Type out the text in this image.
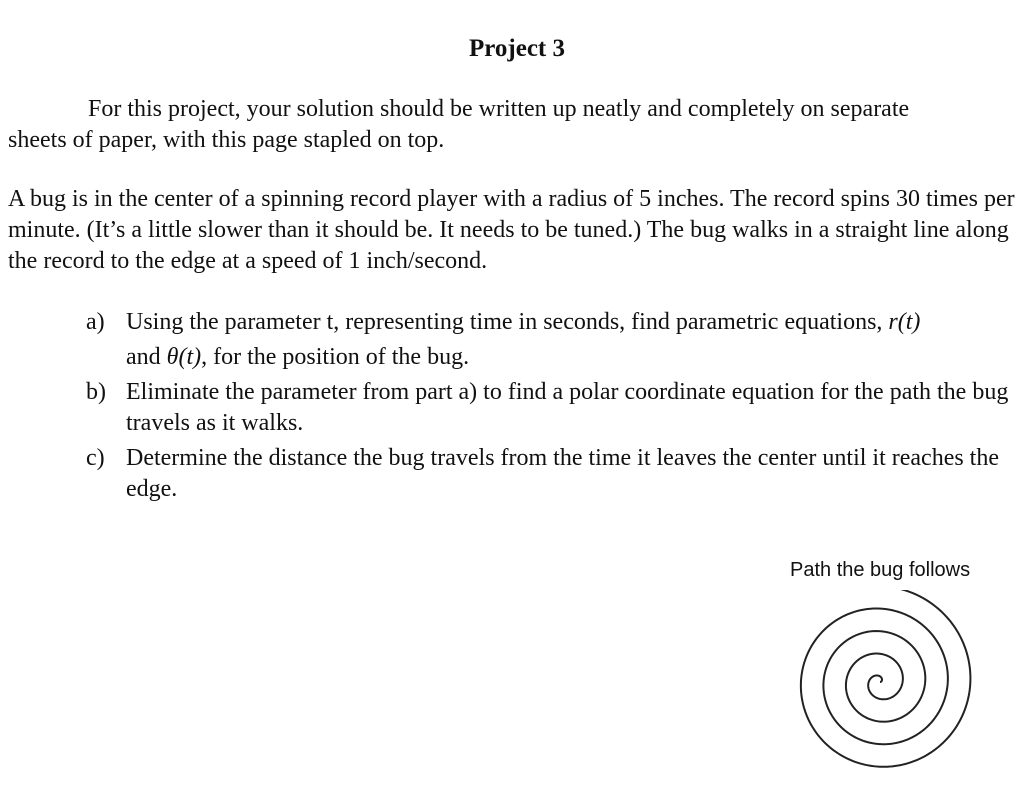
Project 3
For this project, your solution should be written up neatly and completely on separate
sheets of paper, with this page stapled on top.
A bug is in the center of a spinning record player with a radius of 5 inches. The record spins 30 times per minute. (It’s a little slower than it should be. It needs to be tuned.) The bug walks in a straight line along the record to the edge at a speed of 1 inch/second.
a) Using the parameter t, representing time in seconds, find parametric equations, r(t)
and θ(t), for the position of the bug.
b) Eliminate the parameter from part a) to find a polar coordinate equation for the path the bug travels as it walks.
c) Determine the distance the bug travels from the time it leaves the center until it reaches the edge.
Path the bug follows
